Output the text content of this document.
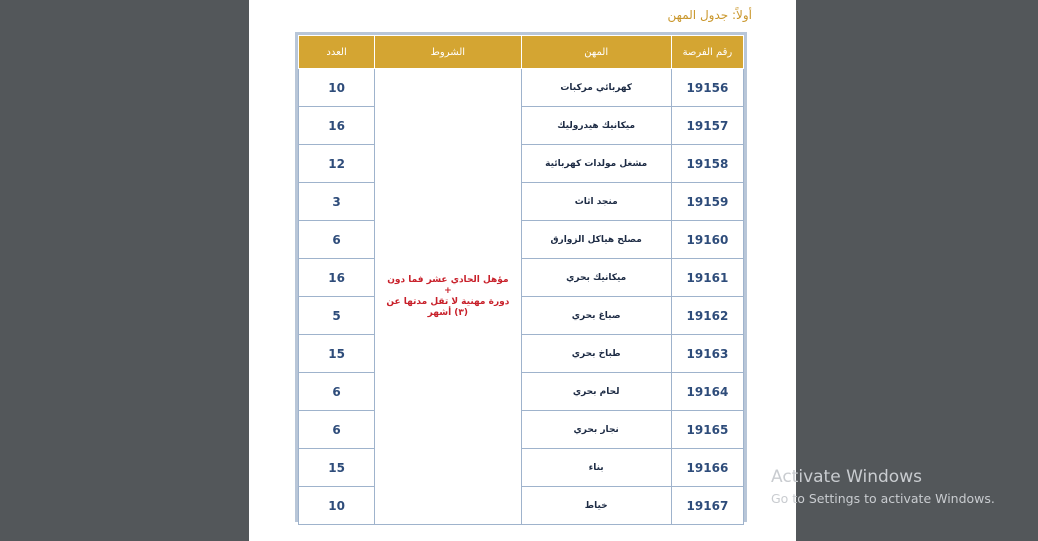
أولاً: جدول المهن
رقم الفرصة	المهن	الشروط	العدد
19156	كهربائي مركبات	مؤهل الحادي عشر فما دون
+
دورة مهنية لا تقل مدتها عن
(٣) أشهر	10
19157	ميكانيك هيدروليك		16
19158	مشغل مولدات كهربائية		12
19159	منجد اثاث		3
19160	مصلح هياكل الزوارق		6
19161	ميكانيك بحري		16
19162	صباغ بحري		5
19163	طباخ بحري		15
19164	لحام بحري		6
19165	نجار بحري		6
19166	بناء		15
19167	خياط		10
Activate Windows
Go to Settings to activate Windows.
